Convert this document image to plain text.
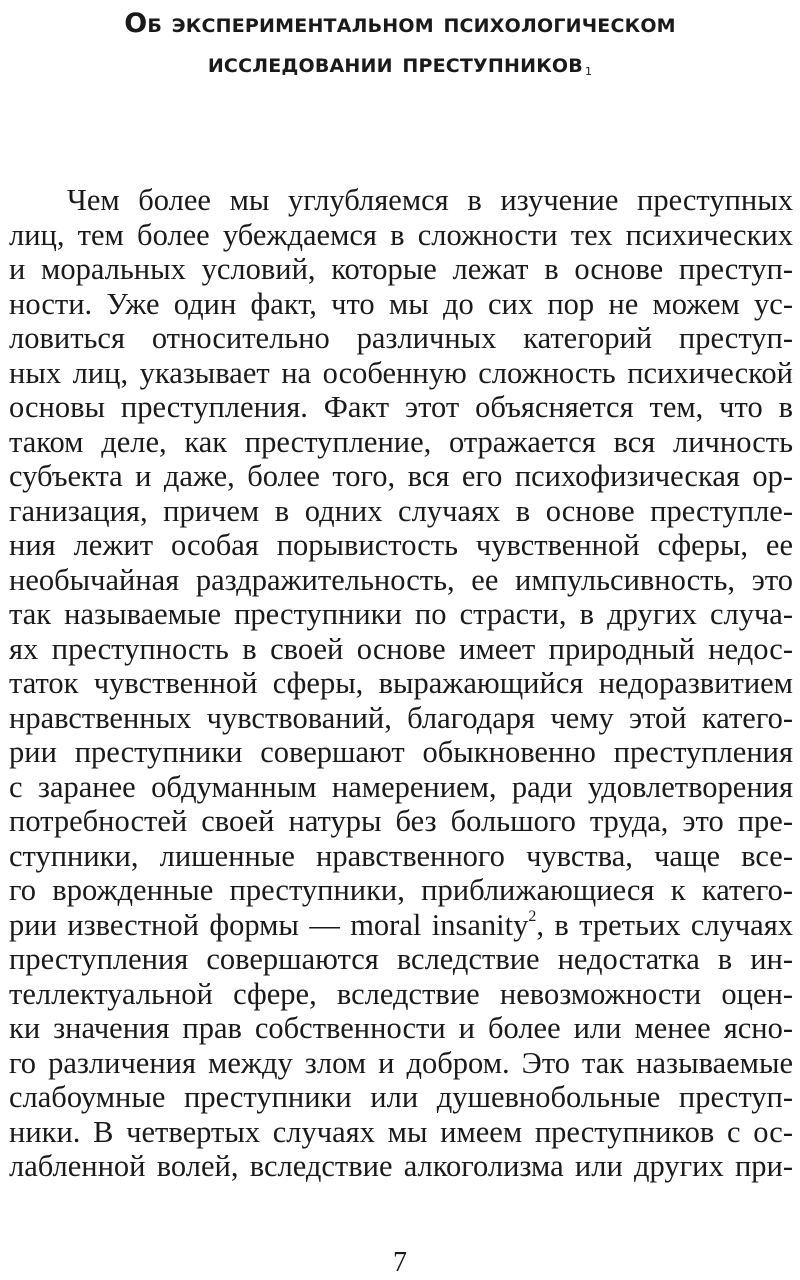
Об экспериментальном психологическом
исследовании преступников $^1$
Чем более мы углубляемся в изучение преступных
лиц, тем более убеждаемся в сложности тех психических
и моральных условий, которые лежат в основе преступ-
ности. Уже один факт, что мы до сих пор не можем ус-
ловиться относительно различных категорий преступ-
ных лиц, указывает на особенную сложность психической
основы преступления. Факт этот объясняется тем, что в
таком деле, как преступление, отражается вся личность
субъекта и даже, более того, вся его психофизическая ор-
ганизация, причем в одних случаях в основе преступле-
ния лежит особая порывистость чувственной сферы, ее
необычайная раздражительность, ее импульсивность, это
так называемые преступники по страсти, в других случа-
ях преступность в своей основе имеет природный недос-
таток чувственной сферы, выражающийся недоразвитием
нравственных чувствований, благодаря чему этой катего-
рии преступники совершают обыкновенно преступления
с заранее обдуманным намерением, ради удовлетворения
потребностей своей натуры без большого труда, это пре-
ступники, лишенные нравственного чувства, чаще все-
го врожденные преступники, приближающиеся к катего-
рии известной формы — moral insanity$^2$, в третьих случаях
преступления совершаются вследствие недостатка в ин-
теллектуальной сфере, вследствие невозможности оцен-
ки значения прав собственности и более или менее ясно-
го различения между злом и добром. Это так называемые
слабоумные преступники или душевнобольные преступ-
ники. В четвертых случаях мы имеем преступников с ос-
лабленной волей, вследствие алкоголизма или других при-
7
